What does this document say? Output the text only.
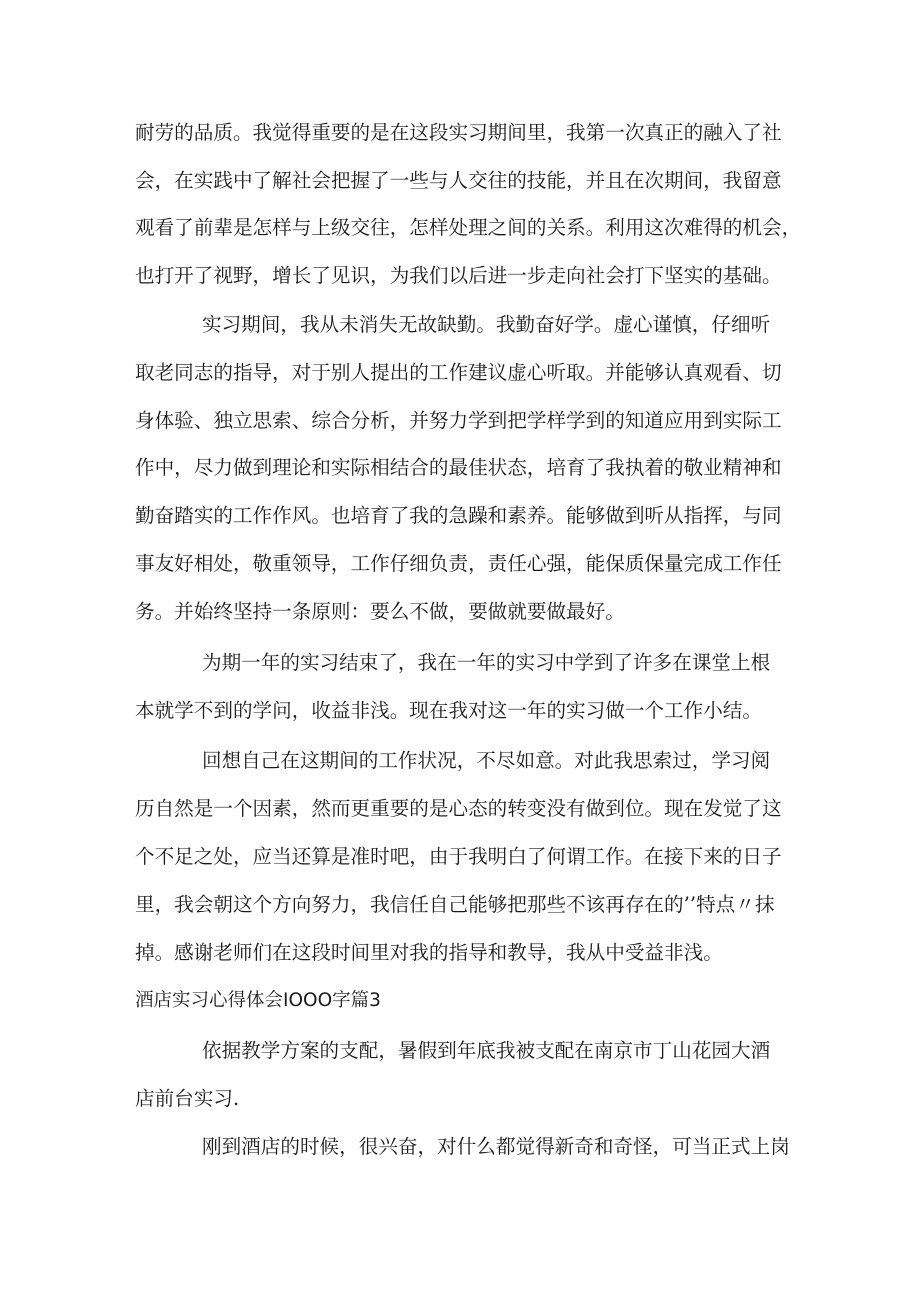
耐劳的品质。我觉得重要的是在这段实习期间里，我第一次真正的融入了社

会，在实践中了解社会把握了一些与人交往的技能，并且在次期间，我留意

观看了前辈是怎样与上级交往，怎样处理之间的关系。利用这次难得的机会，

也打开了视野，增长了见识，为我们以后进一步走向社会打下坚实的基础。

实习期间，我从未消失无故缺勤。我勤奋好学。虚心谨慎，仔细听

取老同志的指导，对于别人提出的工作建议虚心听取。并能够认真观看、切

身体验、独立思索、综合分析，并努力学到把学样学到的知道应用到实际工

作中，尽力做到理论和实际相结合的最佳状态，培育了我执着的敬业精神和

勤奋踏实的工作作风。也培育了我的急躁和素养。能够做到听从指挥，与同

事友好相处，敬重领导，工作仔细负责，责任心强，能保质保量完成工作任

务。并始终坚持一条原则：要么不做，要做就要做最好。

为期一年的实习结束了，我在一年的实习中学到了许多在课堂上根

本就学不到的学问，收益非浅。现在我对这一年的实习做一个工作小结。

回想自己在这期间的工作状况，不尽如意。对此我思索过，学习阅

历自然是一个因素，然而更重要的是心态的转变没有做到位。现在发觉了这

个不足之处，应当还算是准时吧，由于我明白了何谓工作。在接下来的日子

里，我会朝这个方向努力，我信任自己能够把那些不该再存在的’’特点〃抹

掉。感谢老师们在这段时间里对我的指导和教导，我从中受益非浅。

酒店实习心得体会IOOO字篇3

依据教学方案的支配，暑假到年底我被支配在南京市丁山花园大酒

店前台实习.

刚到酒店的时候，很兴奋，对什么都觉得新奇和奇怪，可当正式上岗
